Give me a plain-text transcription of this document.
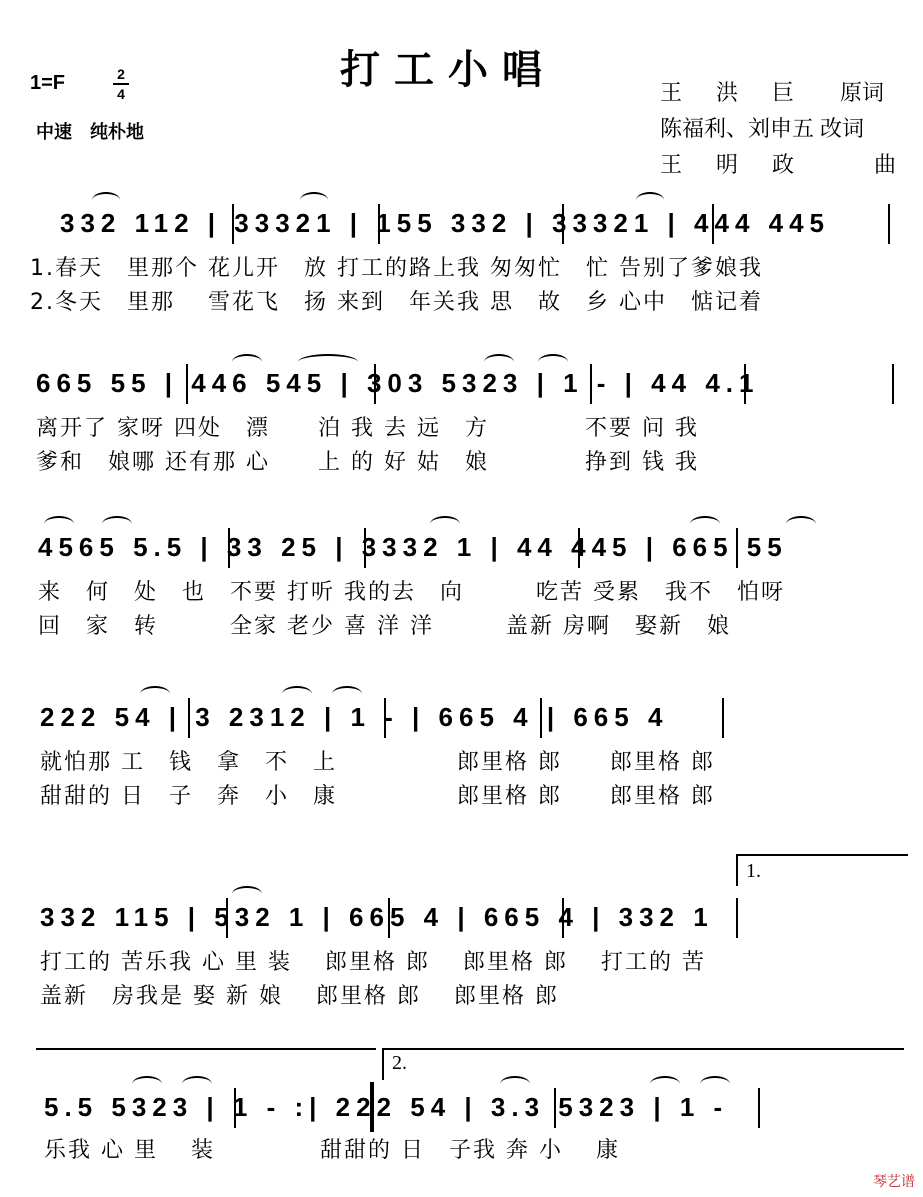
打工小唱
1=F	2
4
中速　纯朴地
王　洪　巨 原词
陈福利、刘申五 改词
王　明　政	曲
332 112 | 33321 | 155 332 | 33321 | 444 445
1.春天　里那个 花儿开　放 打工的路上我 匆匆忙　忙 告别了爹娘我
2.冬天　里那　 雪花飞　扬 来到　年关我 思　故　乡 心中　惦记着
665 55 | 446 545 | 303 5323 | 1 - | 44 4.1
离开了 家呀 四处　漂　　泊 我 去 远　方　　　　不要 问 我
爹和　娘哪 还有那 心　　上 的 好 姑　娘　　　　挣到 钱 我
4565 5.5 | 33 25 | 3332 1 | 44 445 | 665 55
来　何　处　也　不要 打听 我的去　向　　　吃苦 受累　我不　怕呀
回　家　转　　　全家 老少 喜 洋 洋　　　盖新 房啊　娶新　娘
222 54 | 3 2312 | 1 - | 665 4 | 665 4
就怕那 工　钱　拿　不　上　　　　　郎里格 郎　　郎里格 郎
甜甜的 日　子　奔　小　康　　　　　郎里格 郎　　郎里格 郎
1.
332 115 | 532 1 | 665 4 | 665 4 | 332 1
打工的 苦乐我 心 里 装　 郎里格 郎　 郎里格 郎　 打工的 苦
盖新　房我是 娶 新 娘　 郎里格 郎　 郎里格 郎
2.
5.5 5323 | 1 - :| 222 54 | 3.3 5323 | 1 -
乐我 心 里　 装　　　　 甜甜的 日　子我 奔 小　 康
琴艺谱
